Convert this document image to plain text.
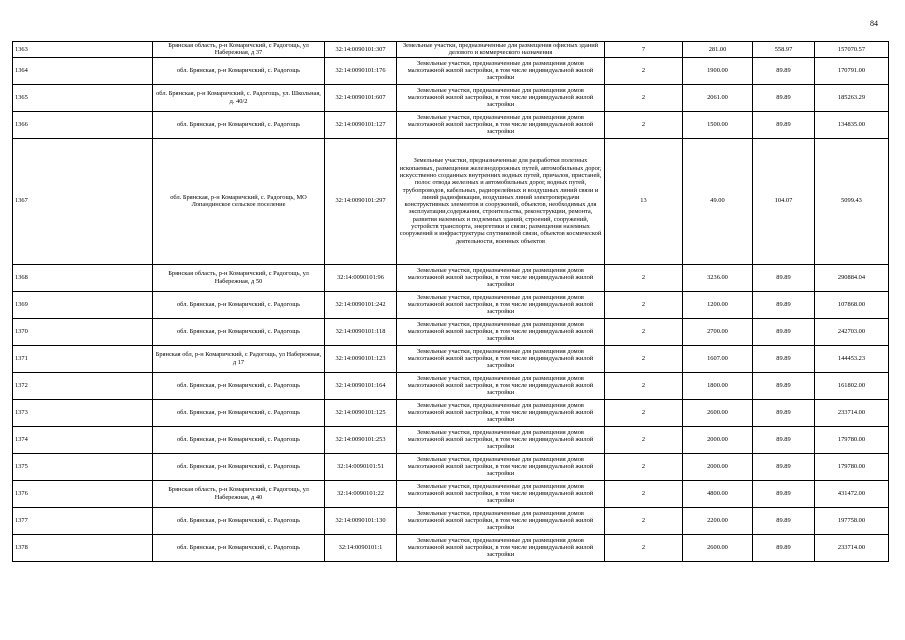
84
1363	Брянская область, р-н Комаричский, с Радогощь, ул Набережная, д 37	32:14:0090101:307	Земельные участки, предназначенные для размещения офисных зданий делового и коммерческого назначения	7	281.00	558.97	157070.57
1364	обл. Брянская, р-н Комаричский, с. Радогощь	32:14:0090101:176	Земельные участки, предназначенные для размещения домов малоэтажной жилой застройки, в том числе индивидуальной жилой застройки	2	1900.00	89.89	170791.00
1365	обл. Брянская, р-н Комаричский, с. Радогощь, ул. Школьная, д. 40/2	32:14:0090101:607	Земельные участки, предназначенные для размещения домов малоэтажной жилой застройки, в том числе индивидуальной жилой застройки	2	2061.00	89.89	185263.29
1366	обл. Брянская, р-н Комаричский, с. Радогощь	32:14:0090101:127	Земельные участки, предназначенные для размещения домов малоэтажной жилой застройки, в том числе индивидуальной жилой застройки	2	1500.00	89.89	134835.00
1367	обл. Брянская, р-н Комаричский, с. Радогощь, МО Лопандинское сельское поселение	32:14:0090101:297	Земельные участки, предназначенные для разработки полезных ископаемых, размещения железнодорожных путей, автомобильных дорог, искусственно созданных внутренних водных путей, причалов, пристаней, полос отвода железных и автомобильных дорог, водных путей, трубопроводов, кабельных, радиорелейных и воздушных линий связи и линий радиофикации, воздушных линий электропередачи конструктивных элементов и сооружений, объектов, необходимых для эксплуатации,содержания, строительства, реконструкции, ремонта, развития наземных и подземных зданий, строений, сооружений, устройств транспорта, энергетики и связи; размещения наземных сооружений и инфраструктуры спутниковой связи, объектов космической деятельности, военных объектов	13	49.00	104.07	5099.43
1368	Брянская область, р-н Комаричский, с Радогощь, ул Набережная, д 50	32:14:0090101:96	Земельные участки, предназначенные для размещения домов малоэтажной жилой застройки, в том числе индивидуальной жилой застройки	2	3236.00	89.89	290884.04
1369	обл. Брянская, р-н Комаричский, с. Радогощь	32:14:0090101:242	Земельные участки, предназначенные для размещения домов малоэтажной жилой застройки, в том числе индивидуальной жилой застройки	2	1200.00	89.89	107868.00
1370	обл. Брянская, р-н Комаричский, с. Радогощь	32:14:0090101:118	Земельные участки, предназначенные для размещения домов малоэтажной жилой застройки, в том числе индивидуальной жилой застройки	2	2700.00	89.89	242703.00
1371	Брянская обл, р-н Комаричский, с Радогощь, ул Набережная, д 17	32:14:0090101:123	Земельные участки, предназначенные для размещения домов малоэтажной жилой застройки, в том числе индивидуальной жилой застройки	2	1607.00	89.89	144453.23
1372	обл. Брянская, р-н Комаричский, с. Радогощь	32:14:0090101:164	Земельные участки, предназначенные для размещения домов малоэтажной жилой застройки, в том числе индивидуальной жилой застройки	2	1800.00	89.89	161802.00
1373	обл. Брянская, р-н Комаричский, с. Радогощь	32:14:0090101:125	Земельные участки, предназначенные для размещения домов малоэтажной жилой застройки, в том числе индивидуальной жилой застройки	2	2600.00	89.89	233714.00
1374	обл. Брянская, р-н Комаричский, с. Радогощь	32:14:0090101:253	Земельные участки, предназначенные для размещения домов малоэтажной жилой застройки, в том числе индивидуальной жилой застройки	2	2000.00	89.89	179780.00
1375	обл. Брянская, р-н Комаричский, с. Радогощь	32:14:0090101:51	Земельные участки, предназначенные для размещения домов малоэтажной жилой застройки, в том числе индивидуальной жилой застройки	2	2000.00	89.89	179780.00
1376	Брянская область, р-н Комаричский, с Радогощь, ул Набережная, д 40	32:14:0090101:22	Земельные участки, предназначенные для размещения домов малоэтажной жилой застройки, в том числе индивидуальной жилой застройки	2	4800.00	89.89	431472.00
1377	обл. Брянская, р-н Комаричский, с. Радогощь	32:14:0090101:130	Земельные участки, предназначенные для размещения домов малоэтажной жилой застройки, в том числе индивидуальной жилой застройки	2	2200.00	89.89	197758.00
1378	обл. Брянская, р-н Комаричский, с. Радогощь	32:14:0090101:1	Земельные участки, предназначенные для размещения домов малоэтажной жилой застройки, в том числе индивидуальной жилой застройки	2	2600.00	89.89	233714.00
